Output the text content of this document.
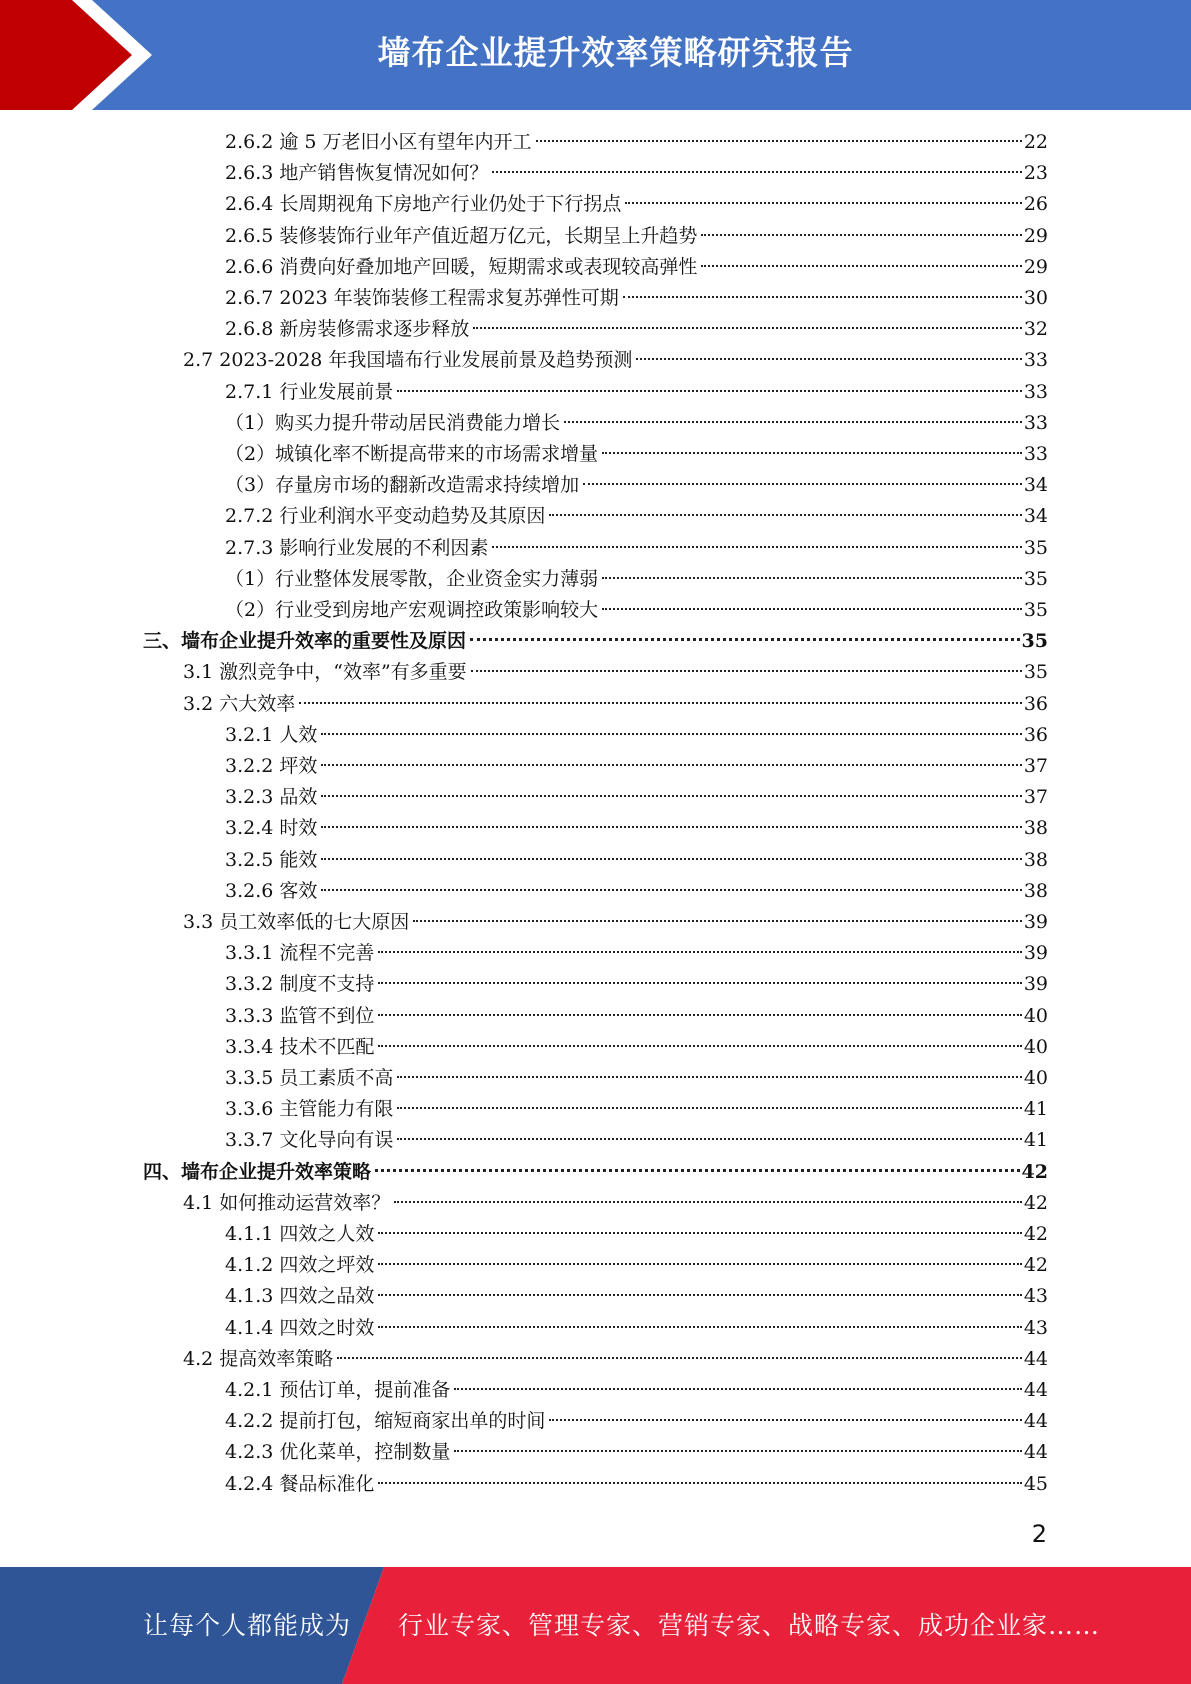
墙布企业提升效率策略研究报告
2.6.2 逾 5 万老旧小区有望年内开工	22
2.6.3 地产销售恢复情况如何？	23
2.6.4 长周期视角下房地产行业仍处于下行拐点	26
2.6.5 装修装饰行业年产值近超万亿元，长期呈上升趋势	29
2.6.6 消费向好叠加地产回暖，短期需求或表现较高弹性	29
2.6.7 2023 年装饰装修工程需求复苏弹性可期	30
2.6.8 新房装修需求逐步释放	32
2.7 2023-2028 年我国墙布行业发展前景及趋势预测	33
2.7.1 行业发展前景	33
（1）购买力提升带动居民消费能力增长	33
（2）城镇化率不断提高带来的市场需求增量	33
（3）存量房市场的翻新改造需求持续增加	34
2.7.2 行业利润水平变动趋势及其原因	34
2.7.3 影响行业发展的不利因素	35
（1）行业整体发展零散，企业资金实力薄弱	35
（2）行业受到房地产宏观调控政策影响较大	35
三、墙布企业提升效率的重要性及原因	35
3.1 激烈竞争中，“效率”有多重要	35
3.2 六大效率	36
3.2.1 人效	36
3.2.2 坪效	37
3.2.3 品效	37
3.2.4 时效	38
3.2.5 能效	38
3.2.6 客效	38
3.3 员工效率低的七大原因	39
3.3.1 流程不完善	39
3.3.2 制度不支持	39
3.3.3 监管不到位	40
3.3.4 技术不匹配	40
3.3.5 员工素质不高	40
3.3.6 主管能力有限	41
3.3.7 文化导向有误	41
四、墙布企业提升效率策略	42
4.1 如何推动运营效率？	42
4.1.1 四效之人效	42
4.1.2 四效之坪效	42
4.1.3 四效之品效	43
4.1.4 四效之时效	43
4.2 提高效率策略	44
4.2.1 预估订单，提前准备	44
4.2.2 提前打包，缩短商家出单的时间	44
4.2.3 优化菜单，控制数量	44
4.2.4 餐品标准化	45
2
让每个人都能成为 行业专家、管理专家、营销专家、战略专家、成功企业家……
